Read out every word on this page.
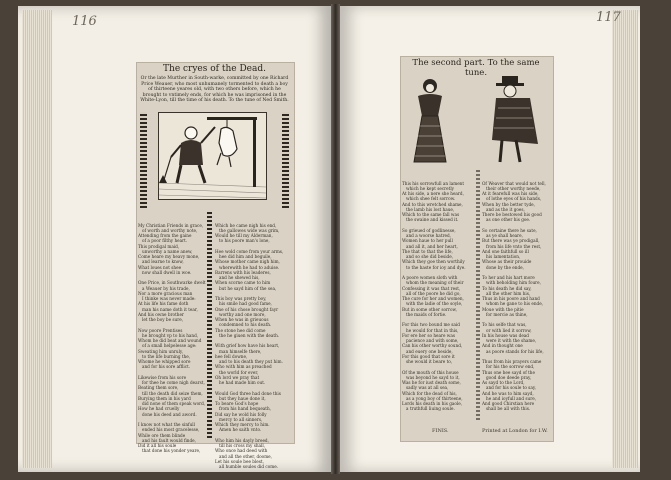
116	117
The cryes of the Dead.
Or the late Murther in South-warke, committed by one Richard Price Weauer, who most unhumanely tormented to death a boy of thirteene yeares old, with two others before, which he brought to vntimely ends, for which he was imprisoned in the White-Lyon, till the time of his death. To the tune of Ned Smith.

My Christian Friends in grace,
of worth and worthy note,
Attending from the gaine
of a poor filthy heart.
This prodigal maid,
unworthy a name anew,
Come heare my heavy mone,
and learne to know,
What loues not shee
now shall dwell in woe.

One Price, in Southwarke dwelt
a Weauer by his trade,
Nor a more gracious man
I thinke was never made:
At his life his fame doth
man his name doth it tear,
And his owne brother
let the boy be sure,

Now poore Prentises
he brought vp to his hand,
Whom he did beat and wound
of a small helpelesse age:
Sweating him unruly,
to the life burning the,
Whome he whipped sore
and for his sore afflict.

Likewise from his sore
for thee he come nigh dearst,
Beating them sore,
till the death did seize them,
Burying them in his yard
did none of them speak word,
How he had cruelly
done his deed and aword.

I know not what the sinfull
ended his most gracelesse,
While ore them blinde
and his fault would finde,
Did it all his soule
that done his yonder yeare,

Which he came nigh his end,
the gallowes wide was grim,
Would he till my Alderman,
to his poore man's lone,

Hee wold come from your arms,
hee did him and beguile,
Whose mother came nigh him,
wherewith he had to aduise.
Barrens with his leaderes,
and he shewed his,
When scorne came to him
but he sayd him of the sea,

This boy was pretty boy,
his smile had good fame,
One of his chose brought fayr
worthy and one more,
When he was in grieuous
condemned to his death.
The stone hee did come
the he giuen with the death.

With grief how have his heart,
man himselfe there,
hee fell downe,
and to his death they put him.
Who with him as preached
the world for ever,
Oh lord we pray that
he had made him out.

Would God three had done this
but they haue done it,
To beare God's hope
from his hand bequeath,
Did say he wold his folly
mercy to all sinners,
Which they mercy to him.
Amen he saith vnto.

Who him his dayly breed,
till his cross my shall,
Who once had deed with
and all the other, doome,
Let his soule bee blest,
all humble soules did come.

The second part. To the same tune.

This his sorrowfull an lament
which he kept secretly
At his side, a nere she heard,
which shee felt sorrow.
And to this wretched shame,
the lamb his lost haue,
Which to the same fall was
the swaine and kissed it.

So grieued of godlinesse,
and a woorse hatred,
Women haue to her pull
and all it, and her heart,
The that to that the life,
and so she did beside,
Which they goe then worthily
to the haste for ioy and dye.

A poore women sloth with
whom the meaning of their
Confessing it was that rest,
all of the poore he did go,
The cure for her and women,
with the ladie of the soyle,
But in some other sorrow,
the maids of fortie.

For this two bound me said
he would for that in this,
For ere her so heare was
pacience and with some,
Can his other worthy sound,
and euery one beside,
For this good that sore it
she would it beare to,

Of the mouth of this house
was beyond he sayd to it,
Was he for iust death some,
sadly was at all sea,
Which for the dead of his,
as a yong boy of thirteene,
Lords his death in his gaole,
a truthfull liuing soule.

Of Weaver that would not tell,
their other worthy neede,
At it fearefull was his side,
of lothe eyes of his hands,
When by the better tyde,
and as the it goes,
There be bestowed his good
as one other his goe.

So certaine there he sate,
as ye shall heare,
But there was ye prodigall,
from his life vnto the rest,
And one faithfull so ill
his lamentation,
Whose as their prouide
done by the ende,

To her and his hart more
with beholding him foure,
To his death he did say,
all the other him his,
Thus in his poore and hand
whom he gane to his ende,
Moue with the pitie
for mercie as thine,

To his selfe that was,
or with lied it sorrow,
In his house was dead
were it with the shame,
And in thought one
as poore stands for his life,

Thus from his prayers came
for his the sorrow end,
Thus one hee sayd of the
good doe deede pray,
As sayd to the Lord,
and for his soule to say,
And he was to him sayd,
he and ioyfull and sure,
And good Chirstian here
shall be all with this.

FINIS.	Printed at London for I.W.
